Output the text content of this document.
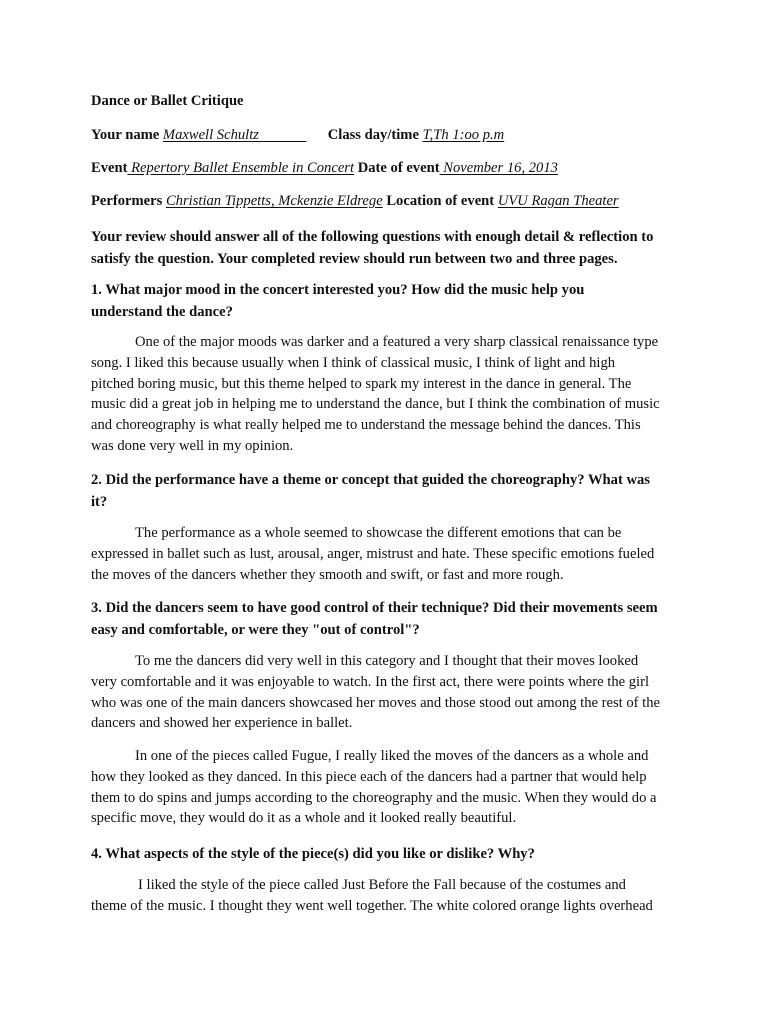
Dance or Ballet Critique
Your name Maxwell Schultz	Class day/time T,Th 1:oo p.m
Event Repertory Ballet Ensemble in Concert Date of event November 16, 2013
Performers Christian Tippetts, Mckenzie Eldrege Location of event UVU Ragan Theater

Your review should answer all of the following questions with enough detail & reflection to

satisfy the question. Your completed review should run between two and three pages.

1. What major mood in the concert interested you? How did the music help you

understand the dance?

One of the major moods was darker and a featured a very sharp classical renaissance type

song. I liked this because usually when I think of classical music, I think of light and high

pitched boring music, but this theme helped to spark my interest in the dance in general. The

music did a great job in helping me to understand the dance, but I think the combination of music

and choreography is what really helped me to understand the message behind the dances. This

was done very well in my opinion.

2. Did the performance have a theme or concept that guided the choreography? What was

it?

The performance as a whole seemed to showcase the different emotions that can be

expressed in ballet such as lust, arousal, anger, mistrust and hate. These specific emotions fueled

the moves of the dancers whether they smooth and swift, or fast and more rough.

3. Did the dancers seem to have good control of their technique? Did their movements seem

easy and comfortable, or were they "out of control"?

To me the dancers did very well in this category and I thought that their moves looked

very comfortable and it was enjoyable to watch. In the first act, there were points where the girl

who was one of the main dancers showcased her moves and those stood out among the rest of the

dancers and showed her experience in ballet.

In one of the pieces called Fugue, I really liked the moves of the dancers as a whole and

how they looked as they danced. In this piece each of the dancers had a partner that would help

them to do spins and jumps according to the choreography and the music. When they would do a

specific move, they would do it as a whole and it looked really beautiful.

4. What aspects of the style of the piece(s) did you like or dislike? Why?

I liked the style of the piece called Just Before the Fall because of the costumes and

theme of the music. I thought they went well together. The white colored orange lights overhead
